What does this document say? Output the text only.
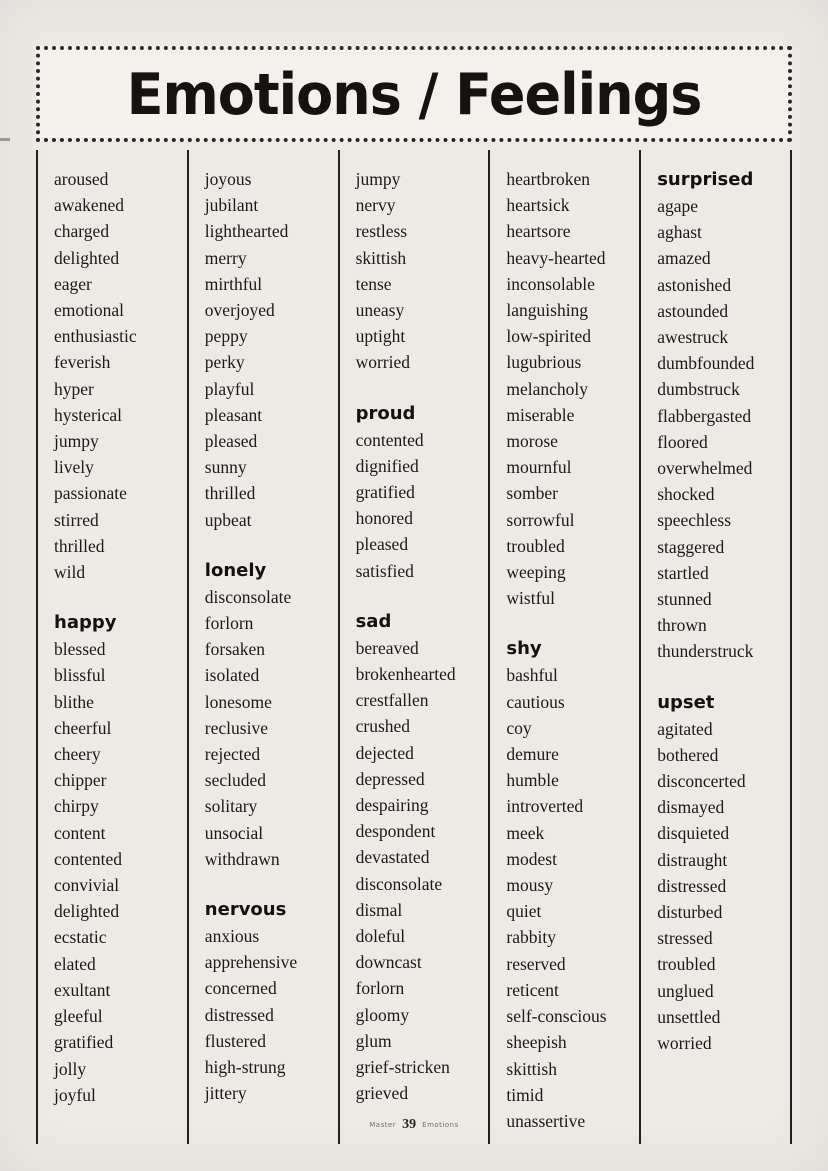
Emotions / Feelings
aroused
awakened
charged
delighted
eager
emotional
enthusiastic
feverish
hyper
hysterical
jumpy
lively
passionate
stirred
thrilled
wild
happy
blessed
blissful
blithe
cheerful
cheery
chipper
chirpy
content
contented
convivial
delighted
ecstatic
elated
exultant
gleeful
gratified
jolly
joyful
joyous
jubilant
lighthearted
merry
mirthful
overjoyed
peppy
perky
playful
pleasant
pleased
sunny
thrilled
upbeat
lonely
disconsolate
forlorn
forsaken
isolated
lonesome
reclusive
rejected
secluded
solitary
unsocial
withdrawn
nervous
anxious
apprehensive
concerned
distressed
flustered
high-strung
jittery
jumpy
nervy
restless
skittish
tense
uneasy
uptight
worried
proud
contented
dignified
gratified
honored
pleased
satisfied
sad
bereaved
brokenhearted
crestfallen
crushed
dejected
depressed
despairing
despondent
devastated
disconsolate
dismal
doleful
downcast
forlorn
gloomy
glum
grief-stricken
grieved
heartbroken
heartsick
heartsore
heavy-hearted
inconsolable
languishing
low-spirited
lugubrious
melancholy
miserable
morose
mournful
somber
sorrowful
troubled
weeping
wistful
shy
bashful
cautious
coy
demure
humble
introverted
meek
modest
mousy
quiet
rabbity
reserved
reticent
self-conscious
sheepish
skittish
timid
unassertive
surprised
agape
aghast
amazed
astonished
astounded
awestruck
dumbfounded
dumbstruck
flabbergasted
floored
overwhelmed
shocked
speechless
staggered
startled
stunned
thrown
thunderstruck
upset
agitated
bothered
disconcerted
dismayed
disquieted
distraught
distressed
disturbed
stressed
troubled
unglued
unsettled
worried
Master 39 Emotions
